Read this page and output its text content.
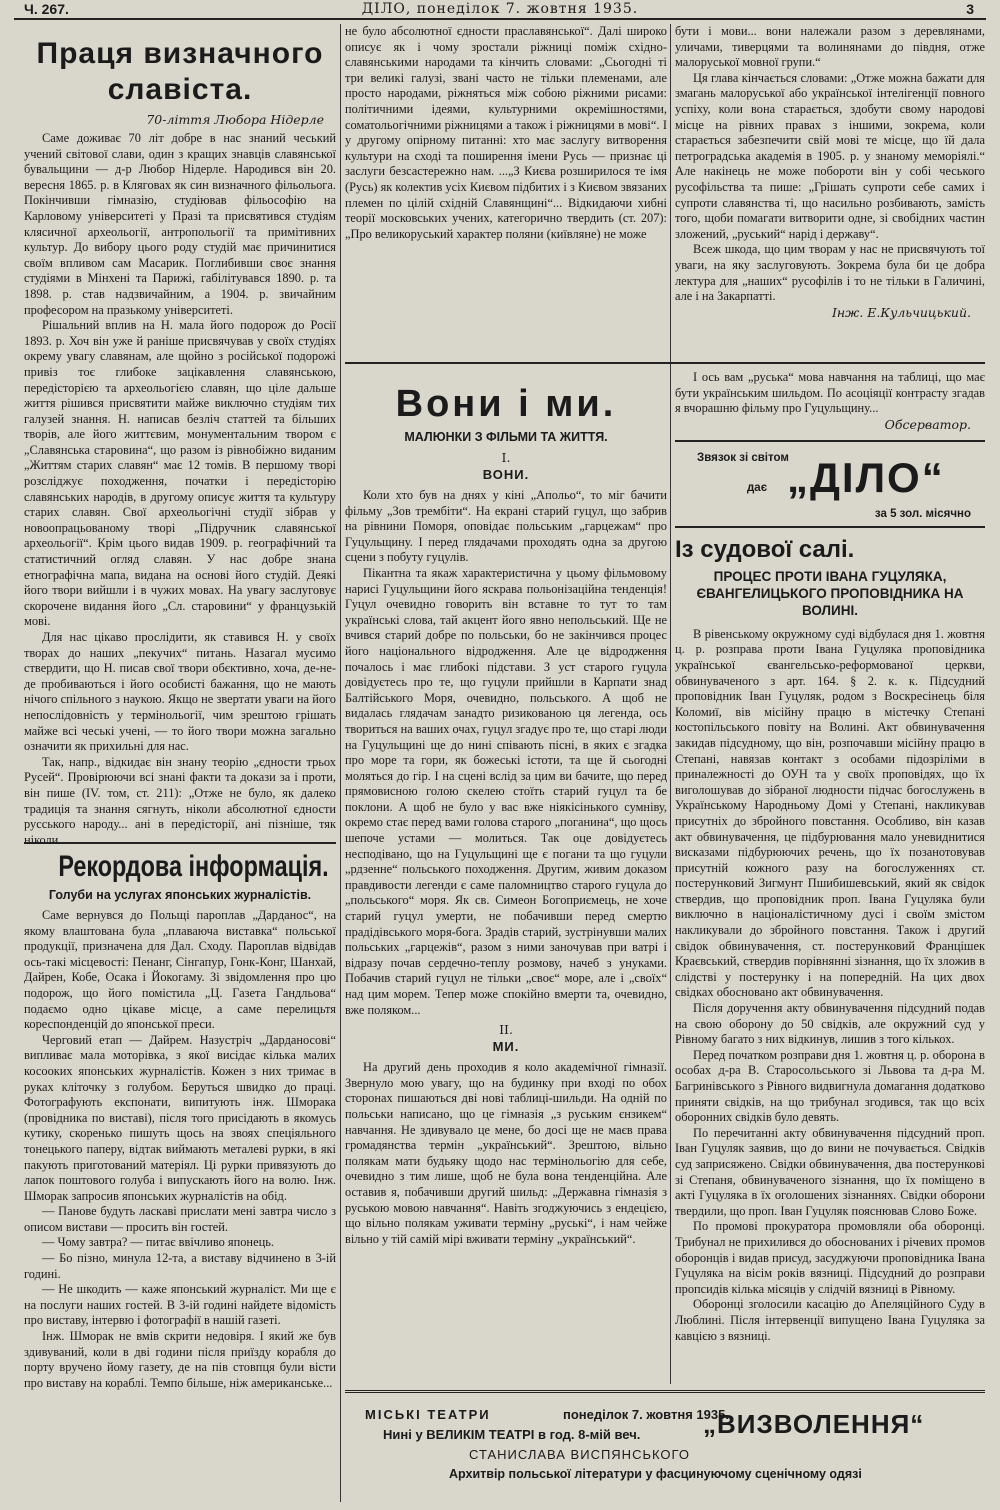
Ч. 267.	ДІЛО, понеділок 7. жовтня 1935.	3
Праця визначного славіста.
70-ліття Любора Нідерле

Саме доживає 70 літ добре в нас знаний чеський учений світової слави, один з кращих знавців славянської бувальщини — д-р Любор Нідерле. Народився він 20. вересня 1865. р. в Кляговах як син визначного фільольога. Покінчивши гімназію, студіював фільософію на Карловому університеті у Празі та присвятився студіям клясичної археольогії, антропольогії та примітивних культур. До вибору цього роду студій має причинитися своїм впливом сам Масарик. Поглибивши своє знання студіями в Мінхені та Парижі, габілітувався 1890. р. та 1898. р. став надзвичайним, а 1904. р. звичайним професором на празькому університеті.

Рішальний вплив на Н. мала його подорож до Росії 1893. р. Хоч він уже й раніше присвячував у своїх студіях окрему увагу славянам, але щойно з російської подорожі привіз тоє глибоке зацікавлення славянською, передісторією та археольогією славян, що ціле дальше життя рішився присвятити майже виключно студіям тих галузей знання. Н. написав безліч статтей та більших творів, але його життєвим, монументальним твором є „Славянська старовина“, що разом із рівнобіжно виданим „Життям старих славян“ має 12 томів. В першому творі розсліджує походження, початки і передісторію славянських народів, в другому описує життя та культуру старих славян. Свої археольогічні студії зібрав у новоопрацьованому творі „Підручник славянської археольогії“. Крім цього видав 1909. р. географічний та статистичний огляд славян. У нас добре знана етнографічна мапа, видана на основі його студій. Деякі його твори вийшли і в чужих мовах. На увагу заслуговує скорочене видання його „Сл. старовини“ у французькій мові.

Для нас цікаво прослідити, як ставився Н. у своїх творах до наших „пекучих“ питань. Назагал мусимо ствердити, що Н. писав свої твори обєктивно, хоча, де-не-де пробиваються і його особисті бажання, що не мають нічого спільного з наукою. Якщо не звертати уваги на його непослідовність у термінольогії, чим зрештою грішать майже всі чеські учені, — то його твори можна загально означити як прихильні для нас.

Так, напр., відкидає він знану теорію „єдности трьох Русей“. Провірюючи всі знані факти та докази за і проти, він пише (IV. том, ст. 211): „Отже не було, як далеко традиція та знання сягнуть, ніколи абсолютної єдности русського народу... ані в передісторії, ані пізніше, тяк ніколи

Рекордова інформація.
Голуби на услугах японських журналістів.

Саме вернувся до Польщі пароплав „Дарданос“, на якому влаштована була „плаваюча виставка“ польської продукції, призначена для Дал. Сходу. Пароплав відвідав ось-такі місцевості: Пенанг, Сінгапур, Гонк-Конг, Шанхай, Дайрен, Кобе, Осака і Йокогаму. Зі звідомлення про цю подорож, що його помістила „Ц. Газета Гандльова“ подаємо одно цікаве місце, а саме перелицьтя кореспонденцій до японської преси.

Черговий етап — Дайрем. Назустріч „Дарданосові“ випливає мала моторівка, з якої висідає кілька малих косооких японських журналістів. Кожен з них тримає в руках кліточку з голубом. Беруться швидко до праці. Фотографують експонати, випитують інж. Шморака (провідника по виставі), після того присідають в якомусь кутику, скоренько пишуть щось на звоях спеціяльного тонецького паперу, відтак виймають металеві рурки, в які пакують приготований матеріял. Ці рурки привязують до лапок поштового голуба і випускають його на волю. Інж. Шморак запросив японських журналістів на обід.

— Панове будуть ласкаві прислати мені завтра число з описом вистави — просить він гостей.

— Чому завтра? — питає ввічливо японець.

— Бо пізно, минула 12-та, а виставу відчинено в 3-ій годині.

— Не шкодить — каже японський журналіст. Ми ще є на послуги наших гостей. В 3-ій годині найдете відомість про виставу, інтервю і фотографії в нашій газеті.

Інж. Шморак не вмів скрити недовіря. І який же був здивуваний, коли в дві години після приїзду корабля до порту вручено йому газету, де на пів стовпця були вісти про виставу на кораблі. Темпо більше, ніж американське...

не було абсолютної єдности праславянської“. Далі широко описує як і чому зростали ріжниці поміж східно-славянськими народами та кінчить словами: „Сьогодні ті три великі галузі, звані часто не тільки племенами, але просто народами, ріжняться між собою ріжними рисами: політичними ідеями, культурними окремішностями, соматольогічними ріжницями а також і ріжницями в мові“. І у другому опірному питанні: хто має заслугу витворення культури на сході та поширення імени Русь — признає ці заслуги безсастережно нам. ...„З Києва розширилося те імя (Русь) як колектив усіх Києвом підбитих і з Києвом звязаних племен по цілій східній Славянщині“... Відкидаючи хибні теорії московських учених, категорично твердить (ст. 207): „Про великоруський характер поляни (київляне) не може

бути і мови... вони належали разом з деревлянами, уличами, тиверцями та волинянами до півдня, отже малоруської мовної групи.“

Ця глава кінчається словами: „Отже можна бажати для змагань малоруської або української інтелігенції повного успіху, коли вона старається, здобути свому народові місце на рівних правах з іншими, зокрема, коли старається забезпечити свій мові те місце, що їй дала петроградська академія в 1905. р. у знаному меморіялі.“ Але накінець не може побороти він у собі чеського русофільства та пише: „Грішать супроти себе самих і супроти славянства ті, що насильно розбивають, замість того, щоби помагати витворити одне, зі свобідних частин зложений, „руський“ нарід і державу“.

Всеж шкода, що цим творам у нас не присвячують тої уваги, на яку заслуговують. Зокрема була би це добра лектура для „наших“ русофілів і то не тільки в Галичині, але і на Закарпатті.

Інж. Е.Кульчицький.
Вони і ми.
МАЛЮНКИ З ФІЛЬМИ ТА ЖИТТЯ.
I.
ВОНИ.

Коли хто був на днях у кіні „Апольо“, то міг бачити фільму „Зов трембіти“. На екрані старий гуцул, що забрив на рівнини Поморя, оповідає польським „гарцежам“ про Гуцульщину. І перед глядачами проходять одна за другою сцени з побуту гуцулів.

Пікантна та якаж характеристична у цьому фільмовому нарисі Гуцульщини його яскрава польонізаційна тенденція! Гуцул очевидно говорить він вставне то тут то там українські слова, тай акцент його явно непольський. Ще не вчився старий добре по польськи, бо не закінчився процес його національного відродження. Але це відродження почалось і має глибокі підстави. З уст старого гуцула довідуєтесь про те, що гуцули прийшли в Карпати знад Балтійського Моря, очевидно, польського. А щоб не видалась глядачам занадто ризикованою ця легенда, ось твориться на ваших очах, гуцул згадує про те, що старі люди на Гуцульщині ще до нині співають пісні, в яких є згадка про море та гори, як божеські істоти, та ще й сьогодні моляться до гір. І на сцені вслід за цим ви бачите, що перед прямовисною голою скелею стоїть старий гуцул та бе поклони. А щоб не було у вас вже ніякісінького сумніву, окремо стає перед вами голова старого „поганина“, що щось шепоче устами — молиться. Так оце довідуєтесь несподівано, що на Гуцульщині ще є погани та що гуцули „рдзенне“ польського походження. Другим, живим доказом правдивости легенди є саме паломництво старого гуцула до „польського“ моря. Як св. Симеон Богоприємець, не хоче старий гуцул умерти, не побачивши перед смертю прадідівського моря-бога. Зрадів старий, зустрінувши малих польських „гарцежів“, разом з ними заночував при ватрі і відразу почав сердечно-теплу розмову, начеб з унуками. Побачив старий гуцул не тільки „своє“ море, але і „своїх“ над цим морем. Тепер може спокійно вмерти та, очевидно, вже поляком...

II.
МИ.

На другий день проходив я коло академічної гімназії. Звернуло мою увагу, що на будинку при вході по обох сторонах пишаються дві нові таблиці-шильди. На одній по польськи написано, що це гімназія „з руським єнзикем“ навчання. Не здивувало це мене, бо досі ще не маєв права громадянства термін „український“. Зрештою, вільно полякам мати будьяку щодо нас термінольогію для себе, очевидно з тим лише, щоб не була вона тенденційна. Але оставив я, побачивши другий шильд: „Державна гімназія з руською мовою навчання“. Навіть згоджуючись з ендецією, що вільно полякам уживати терміну „руські“, і нам чейже вільно у тій самій мірі вживати терміну „український“.

І ось вам „руська“ мова навчання на таблиці, що має бути українським шильдом. По асоціяції контрасту згадав я вчорашню фільму про Гуцульщину...

Обсерватор.
Звязок зі світом
дає „ДІЛО“
за 5 зол. місячно
Із судової салі.
ПРОЦЕС ПРОТИ ІВАНА ГУЦУЛЯКА, ЄВАНГЕЛИЦЬКОГО ПРОПОВІДНИКА НА ВОЛИНІ.

В рівенському окружному суді відбулася дня 1. жовтня ц. р. розправа проти Івана Гуцуляка проповідника української євангельсько-реформованої церкви, обвинуваченого з арт. 164. § 2. к. к. Підсудний проповідник Іван Гуцуляк, родом з Воскресінець біля Коломиї, вів місійну працю в містечку Степані костопільського повіту на Волині. Акт обвинувачення закидав підсудному, що він, розпочавши місійну працю в Степані, навязав контакт з особами підозріліми в приналежності до ОУН та у своїх проповідях, що їх виголошував до зібраної людности підчас богослужень в Українському Народньому Домі у Степані, накликував присутніх до збройного повстання. Особливо, він казав акт обвинувачення, це підбурювання мало уневиднитися висказами підбурюючих речень, що їх позанотовував присутній кожного разу на богослуженнях ст. постерунковий Зигмунт Пшибишевський, який як свідок ствердив, що проповідник проп. Івана Гуцуляка були виключно в націоналістичному дусі і своїм змістом накликували до збройного повстання. Також і другий свідок обвинувачення, ст. постерунковий Францішек Краєвський, ствердив порівнянні зізнання, що їх зложив в слідстві у постерунку і на попередній. На цих двох свідках обосновано акт обвинувачення.

Після доручення акту обвинувачення підсудний подав на свою оборону до 50 свідків, але окружний суд у Рівному багато з них відкинув, лишив з того кількох.

Перед початком розправи дня 1. жовтня ц. р. оборона в особах д-ра В. Старосольського зі Львова та д-ра М. Багринівського з Рівного видвигнула домагання додатково приняти свідків, на що трибунал згодився, так що всіх оборонних свідків було девять.

По перечитанні акту обвинувачення підсудний проп. Іван Гуцуляк заявив, що до вини не почувається. Свідків суд заприсяжено. Свідки обвинувачення, два постерункові зі Степаня, обвинуваченого зізнання, що їх поміщено в акті Гуцуляка в їх оголошених зізнаннях. Свідки оборони твердили, що проп. Іван Гуцуляк пояснював Слово Боже.

По промові прокуратора промовляли оба оборонці. Трибунал не прихилився до обоснованих і річевих промов оборонців і видав присуд, засуджуючи проповідника Івана Гуцуляка на вісім років вязниці. Підсудний до розправи пропсидів кілька місяців у слідчій вязниці в Рівному.

Оборонці зголосили касацію до Апеляційного Суду в Люблині. Після інтервенції випущено Івана Гуцуляка за кавцією з вязниці.

МІСЬКІ ТЕАТРИ	понеділок 7. жовтня 1935.
Нині у ВЕЛИКІМ ТЕАТРІ в год. 8-мій веч. „ВИЗВОЛЕННЯ“
СТАНИСЛАВА ВИСПЯНСЬКОГО
Архитвір польської літератури у фасцинуючому сценічному одязі
